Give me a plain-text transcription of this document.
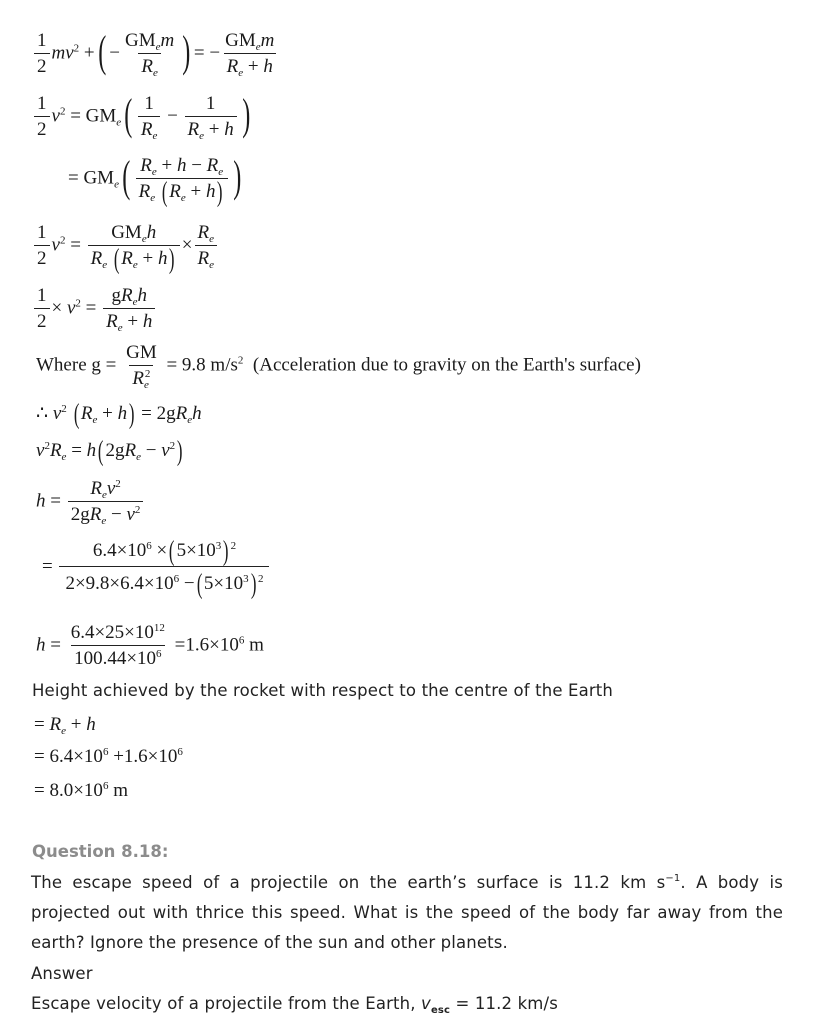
$\frac{1}{2} mv^2$ +( − $\frac{GM_em}{R_e}$ ) = − $\frac{GM_em}{R_e + h}$
$\frac{1}{2} v^2 = GM_e( \frac{1}{R_e} - \frac{1}{R_e + h}$ )
= $GM_e( \frac{R_e + h - R_e}{R_e (R_e + h)}$ )
$\frac{1}{2} v^2 = \frac{GM_eh}{R_e (R_e + h)} \times \frac{R_e}{R_e}$
$\frac{1}{2} \times v^2 = \frac{gR_eh}{R_e + h}$
Where $g = \frac{GM}{R_e^2} = 9.8$ $m/s^2$ (Acceleration due to gravity on the Earth's surface)
∴ $v^2$ $(R_e + h) = 2gR_eh$
$v^2R_e = h(2gR_e - v^2)$
$h = \frac{R_ev^2}{2gR_e - v^2}$
= $\frac{6.4\times 10^6 \times(5\times 10^3) ^2}{2\times 9.8\times 6.4\times 10^6 -(5\times 10^3) ^2}$
$h = \frac{6.4\times 25\times 10^{12}}{100.44\times 10^6} =1.6\times 10^6$ m
Height achieved by the rocket with respect to the centre of the Earth
= $R_e + h$
= $6.4\times 10^6 +1.6\times 10^6$
= $8.0\times 10^6$ m
Question 8.18:
The escape speed of a projectile on the earth’s surface is 11.2 km $s^{-1}$. A body is
projected out with thrice this speed. What is the speed of the body far away from the
earth? Ignore the presence of the sun and other planets.
Answer
Escape velocity of a projectile from the Earth, $v_{esc} = 11.2$ km/s
